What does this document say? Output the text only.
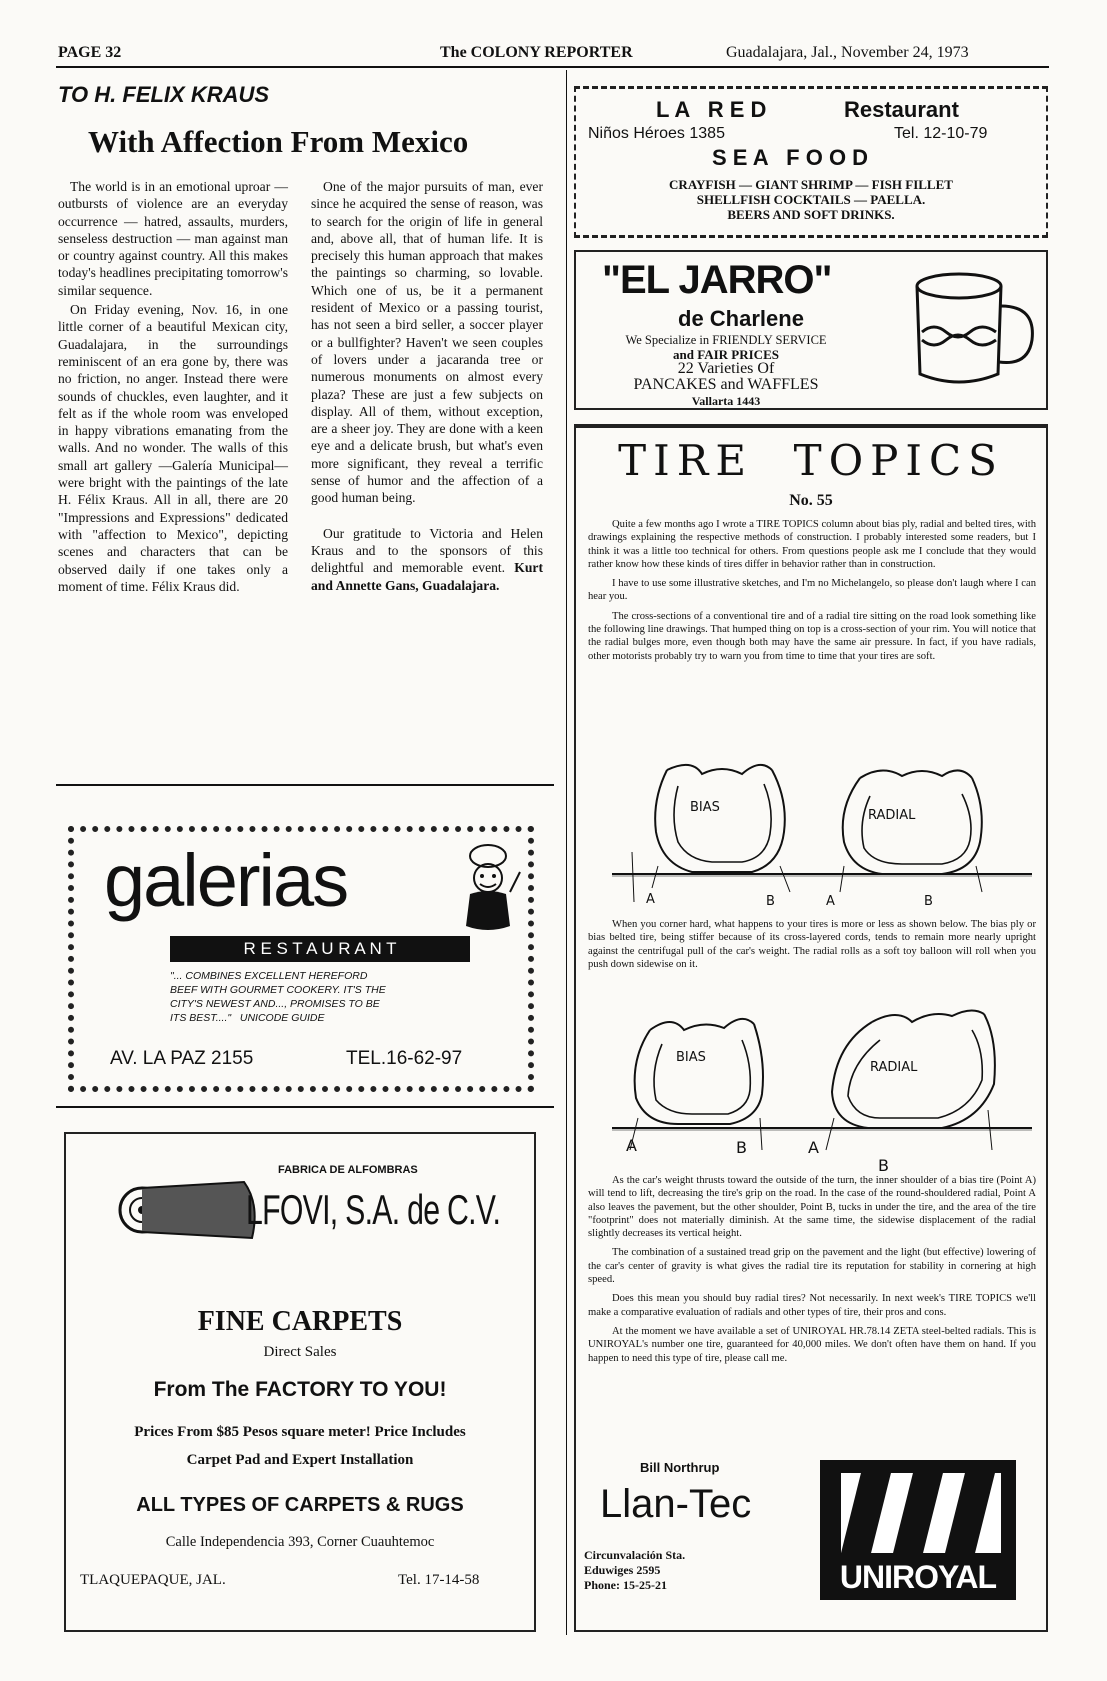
PAGE 32	The COLONY REPORTER	Guadalajara, Jal., November 24, 1973
TO H. FELIX KRAUS
With Affection From Mexico

The world is in an emotional uproar — outbursts of violence are an everyday occurrence — hatred, assaults, murders, senseless destruction — man against man or country against country. All this makes today's headlines precipitating tomorrow's similar sequence.

On Friday evening, Nov. 16, in one little corner of a beautiful Mexican city, Guadalajara, in the surroundings reminiscent of an era gone by, there was no friction, no anger. Instead there were sounds of chuckles, even laughter, and it felt as if the whole room was enveloped in happy vibrations emanating from the walls. And no wonder. The walls of this small art gallery —Galería Municipal— were bright with the paintings of the late H. Félix Kraus. All in all, there are 20 "Impressions and Expressions" dedicated with "affection to Mexico", depicting scenes and characters that can be observed daily if one takes only a moment of time. Félix Kraus did.

One of the major pursuits of man, ever since he acquired the sense of reason, was to search for the origin of life in general and, above all, that of human life. It is precisely this human approach that makes the paintings so charming, so lovable. Which one of us, be it a permanent resident of Mexico or a passing tourist, has not seen a bird seller, a soccer player or a bullfighter? Haven't we seen couples of lovers under a jacaranda tree or numerous monuments on almost every plaza? These are just a few subjects on display. All of them, without exception, are a sheer joy. They are done with a keen eye and a delicate brush, but what's even more significant, they reveal a terrific sense of humor and the affection of a good human being.

Our gratitude to Victoria and Helen Kraus and to the sponsors of this delightful and memorable event. Kurt and Annette Gans, Guadalajara.

L A   R E D	Restaurant
Niños Héroes 1385	Tel. 12-10-79
S E A   F O O D
CRAYFISH — GIANT SHRIMP — FISH FILLET
SHELLFISH COCKTAILS — PAELLA.
BEERS AND SOFT DRINKS.
"EL JARRO"
de Charlene
We Specialize in FRIENDLY SERVICE
and FAIR PRICES
22 Varieties Of
PANCAKES and WAFFLES
Vallarta 1443
TIRE  TOPICS
No. 55

Quite a few months ago I wrote a TIRE TOPICS column about bias ply, radial and belted tires, with drawings explaining the respective methods of construction. I probably interested some readers, but I think it was a little too technical for others. From questions people ask me I conclude that they would rather know how these kinds of tires differ in behavior rather than in construction.

I have to use some illustrative sketches, and I'm no Michelangelo, so please don't laugh where I can hear you.

The cross-sections of a conventional tire and of a radial tire sitting on the road look something like the following line drawings. That humped thing on top is a cross-section of your rim. You will notice that the radial bulges more, even though both may have the same air pressure. In fact, if you have radials, other motorists probably try to warn you from time to time that your tires are soft.

BIAS
RADIAL
A	B	A	B

When you corner hard, what happens to your tires is more or less as shown below. The bias ply or bias belted tire, being stiffer because of its cross-layered cords, tends to remain more nearly upright against the centrifugal pull of the car's weight. The radial rolls as a soft toy balloon will roll when you push down sidewise on it.

BIAS
RADIAL
A	B	A
B

As the car's weight thrusts toward the outside of the turn, the inner shoulder of a bias tire (Point A) will tend to lift, decreasing the tire's grip on the road. In the case of the round-shouldered radial, Point A also leaves the pavement, but the other shoulder, Point B, tucks in under the tire, and the area of the tire "footprint" does not materially diminish. At the same time, the sidewise displacement of the radial slightly decreases its vertical height.

The combination of a sustained tread grip on the pavement and the light (but effective) lowering of the car's center of gravity is what gives the radial tire its reputation for stability in cornering at high speed.

Does this mean you should buy radial tires? Not necessarily. In next week's TIRE TOPICS we'll make a comparative evaluation of radials and other types of tire, their pros and cons.

At the moment we have available a set of UNIROYAL HR.78.14 ZETA steel-belted radials. This is UNIROYAL's number one tire, guaranteed for 40,000 miles. We don't often have them on hand. If you happen to need this type of tire, please call me.

Bill Northrup
Llan-Tec
Circunvalación Sta.
Eduwiges 2595
Phone: 15-25-21	UNIROYAL
galerias
R E S T A U R A N T
"... COMBINES EXCELLENT HEREFORD
BEEF WITH GOURMET COOKERY. IT'S THE
CITY'S NEWEST AND..., PROMISES TO BE
ITS BEST...."   UNICODE GUIDE
AV. LA PAZ 2155	TEL.16-62-97
FABRICA DE ALFOMBRAS
LFOVI, S.A. de C.V.
FINE CARPETS
Direct Sales
From The FACTORY TO YOU!
Prices From $85 Pesos square meter! Price Includes
Carpet Pad and Expert Installation
ALL TYPES OF CARPETS & RUGS
Calle Independencia 393, Corner Cuauhtemoc
TLAQUEPAQUE, JAL.	Tel. 17-14-58
